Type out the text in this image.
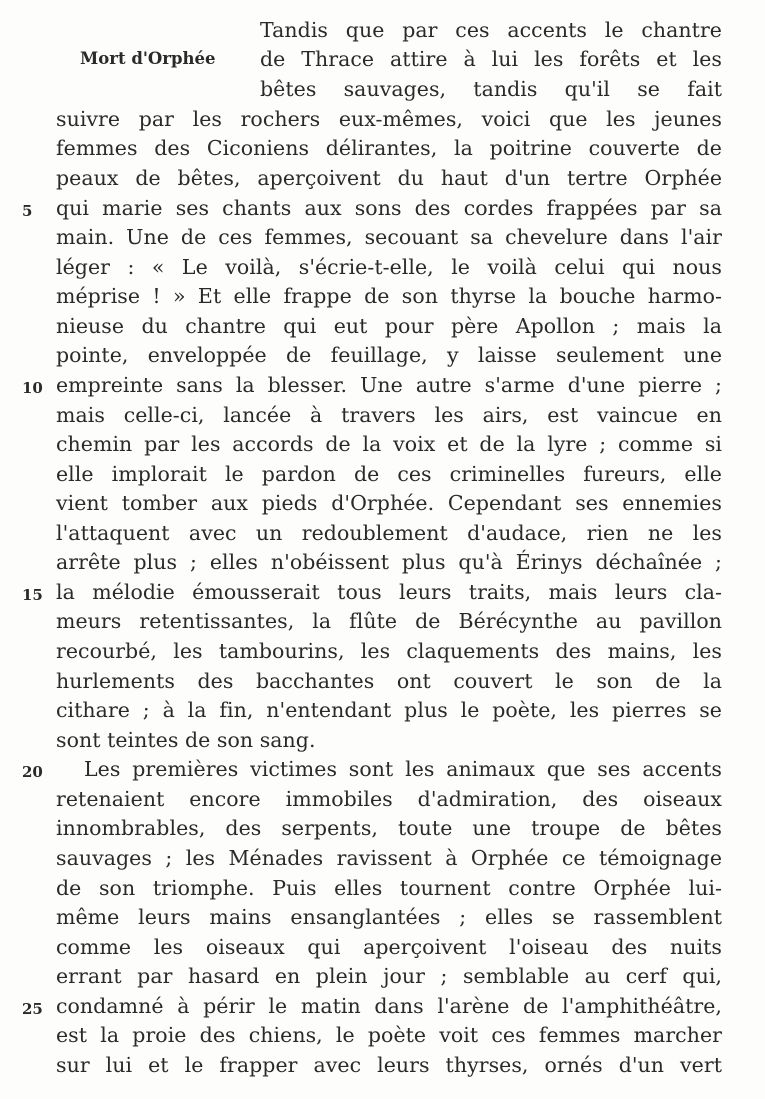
Mort d'Orphée
5
10
15
20
25
Tandis que par ces accents le chantre
de Thrace attire à lui les forêts et les
bêtes sauvages, tandis qu'il se fait
suivre par les rochers eux-mêmes, voici que les jeunes
femmes des Ciconiens délirantes, la poitrine couverte de
peaux de bêtes, aperçoivent du haut d'un tertre Orphée
qui marie ses chants aux sons des cordes frappées par sa
main. Une de ces femmes, secouant sa chevelure dans l'air
léger : « Le voilà, s'écrie-t-elle, le voilà celui qui nous
méprise ! » Et elle frappe de son thyrse la bouche harmo-
nieuse du chantre qui eut pour père Apollon ; mais la
pointe, enveloppée de feuillage, y laisse seulement une
empreinte sans la blesser. Une autre s'arme d'une pierre ;
mais celle-ci, lancée à travers les airs, est vaincue en
chemin par les accords de la voix et de la lyre ; comme si
elle implorait le pardon de ces criminelles fureurs, elle
vient tomber aux pieds d'Orphée. Cependant ses ennemies
l'attaquent avec un redoublement d'audace, rien ne les
arrête plus ; elles n'obéissent plus qu'à Érinys déchaînée ;
la mélodie émousserait tous leurs traits, mais leurs cla-
meurs retentissantes, la flûte de Bérécynthe au pavillon
recourbé, les tambourins, les claquements des mains, les
hurlements des bacchantes ont couvert le son de la
cithare ; à la fin, n'entendant plus le poète, les pierres se
sont teintes de son sang.
Les premières victimes sont les animaux que ses accents
retenaient encore immobiles d'admiration, des oiseaux
innombrables, des serpents, toute une troupe de bêtes
sauvages ; les Ménades ravissent à Orphée ce témoignage
de son triomphe. Puis elles tournent contre Orphée lui-
même leurs mains ensanglantées ; elles se rassemblent
comme les oiseaux qui aperçoivent l'oiseau des nuits
errant par hasard en plein jour ; semblable au cerf qui,
condamné à périr le matin dans l'arène de l'amphithéâtre,
est la proie des chiens, le poète voit ces femmes marcher
sur lui et le frapper avec leurs thyrses, ornés d'un vert
